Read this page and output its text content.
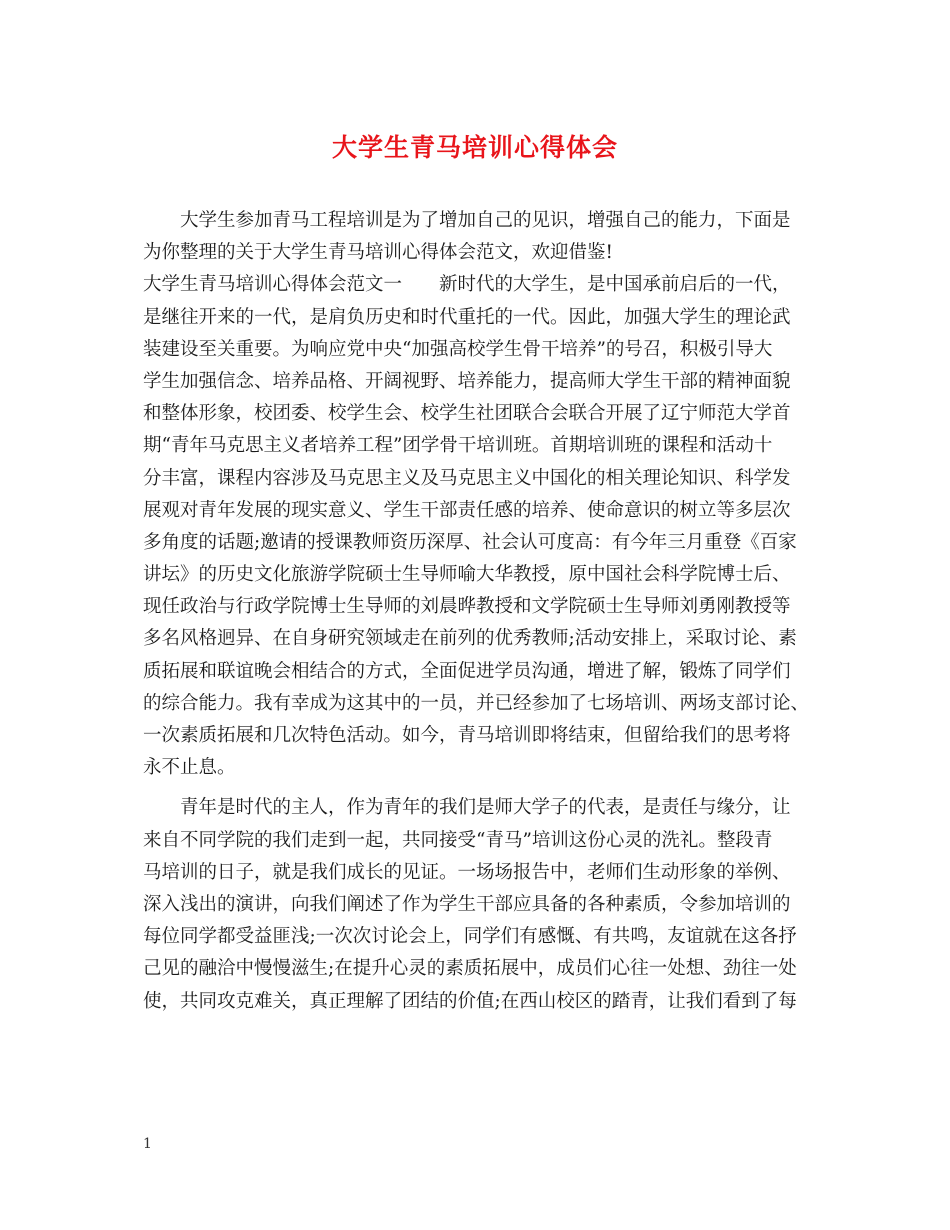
大学生青马培训心得体会
　　大学生参加青马工程培训是为了增加自己的见识，增强自己的能力，下面是
为你整理的关于大学生青马培训心得体会范文，欢迎借鉴!
大学生青马培训心得体会范文一　　新时代的大学生，是中国承前启后的一代，
是继往开来的一代，是肩负历史和时代重托的一代。因此，加强大学生的理论武
装建设至关重要。为响应党中央“加强高校学生骨干培养”的号召，积极引导大
学生加强信念、培养品格、开阔视野、培养能力，提高师大学生干部的精神面貌
和整体形象，校团委、校学生会、校学生社团联合会联合开展了辽宁师范大学首
期“青年马克思主义者培养工程”团学骨干培训班。首期培训班的课程和活动十
分丰富，课程内容涉及马克思主义及马克思主义中国化的相关理论知识、科学发
展观对青年发展的现实意义、学生干部责任感的培养、使命意识的树立等多层次
多角度的话题;邀请的授课教师资历深厚、社会认可度高：有今年三月重登《百家
讲坛》的历史文化旅游学院硕士生导师喻大华教授，原中国社会科学院博士后、
现任政治与行政学院博士生导师的刘晨晔教授和文学院硕士生导师刘勇刚教授等
多名风格迥异、在自身研究领域走在前列的优秀教师;活动安排上，采取讨论、素
质拓展和联谊晚会相结合的方式，全面促进学员沟通，增进了解，锻炼了同学们
的综合能力。我有幸成为这其中的一员，并已经参加了七场培训、两场支部讨论、
一次素质拓展和几次特色活动。如今，青马培训即将结束，但留给我们的思考将
永不止息。
　　青年是时代的主人，作为青年的我们是师大学子的代表，是责任与缘分，让
来自不同学院的我们走到一起，共同接受“青马”培训这份心灵的洗礼。整段青
马培训的日子，就是我们成长的见证。一场场报告中，老师们生动形象的举例、
深入浅出的演讲，向我们阐述了作为学生干部应具备的各种素质，令参加培训的
每位同学都受益匪浅;一次次讨论会上，同学们有感慨、有共鸣，友谊就在这各抒
己见的融洽中慢慢滋生;在提升心灵的素质拓展中，成员们心往一处想、劲往一处
使，共同攻克难关，真正理解了团结的价值;在西山校区的踏青，让我们看到了每
1
